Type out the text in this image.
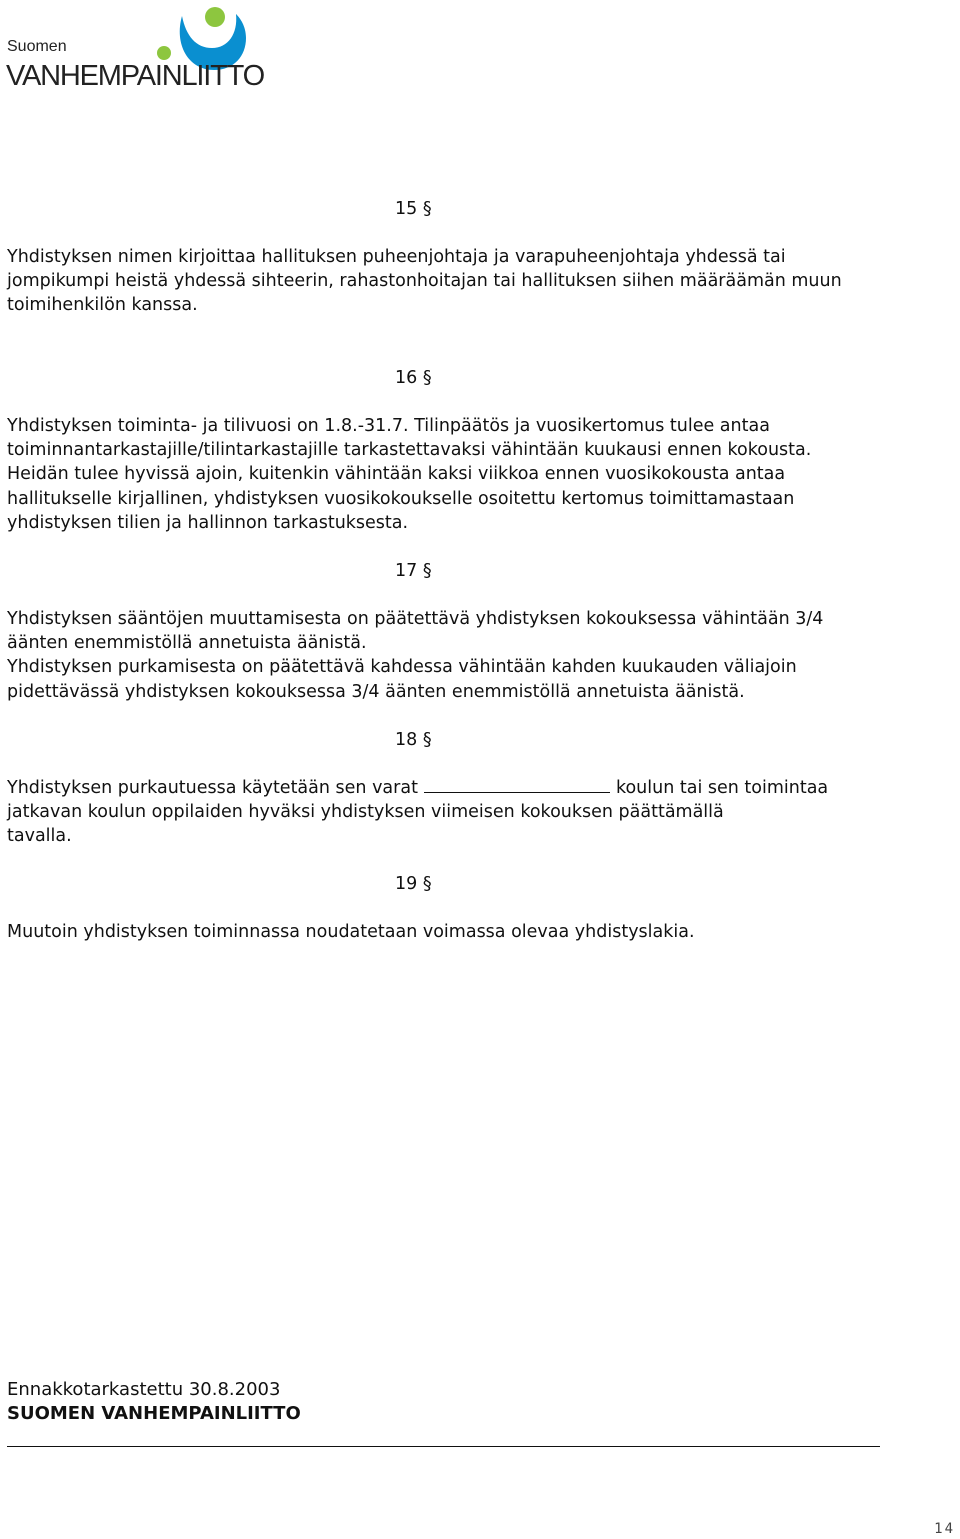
Suomen
VANHEMPAINLIITTO
15 §

Yhdistyksen nimen kirjoittaa hallituksen puheenjohtaja ja varapuheenjohtaja yhdessä tai
jompikumpi heistä yhdessä sihteerin, rahastonhoitajan tai hallituksen siihen määräämän muun
toimihenkilön kanssa.

16 §

Yhdistyksen toiminta- ja tilivuosi on 1.8.-31.7. Tilinpäätös ja vuosikertomus tulee antaa
toiminnantarkastajille/tilintarkastajille tarkastettavaksi vähintään kuukausi ennen kokousta.
Heidän tulee hyvissä ajoin, kuitenkin vähintään kaksi viikkoa ennen vuosikokousta antaa
hallitukselle kirjallinen, yhdistyksen vuosikokoukselle osoitettu kertomus toimittamastaan
yhdistyksen tilien ja hallinnon tarkastuksesta.

17 §

Yhdistyksen sääntöjen muuttamisesta on päätettävä yhdistyksen kokouksessa vähintään 3/4
äänten enemmistöllä annetuista äänistä.
Yhdistyksen purkamisesta on päätettävä kahdessa vähintään kahden kuukauden väliajoin
pidettävässä yhdistyksen kokouksessa 3/4 äänten enemmistöllä annetuista äänistä.

18 §

Yhdistyksen purkautuessa käytetään sen varat	koulun tai sen toimintaa
jatkavan koulun oppilaiden hyväksi yhdistyksen viimeisen kokouksen päättämällä
tavalla.

19 §

Muutoin yhdistyksen toiminnassa noudatetaan voimassa olevaa yhdistyslakia.

Ennakkotarkastettu 30.8.2003
SUOMEN VANHEMPAINLIITTO
14
